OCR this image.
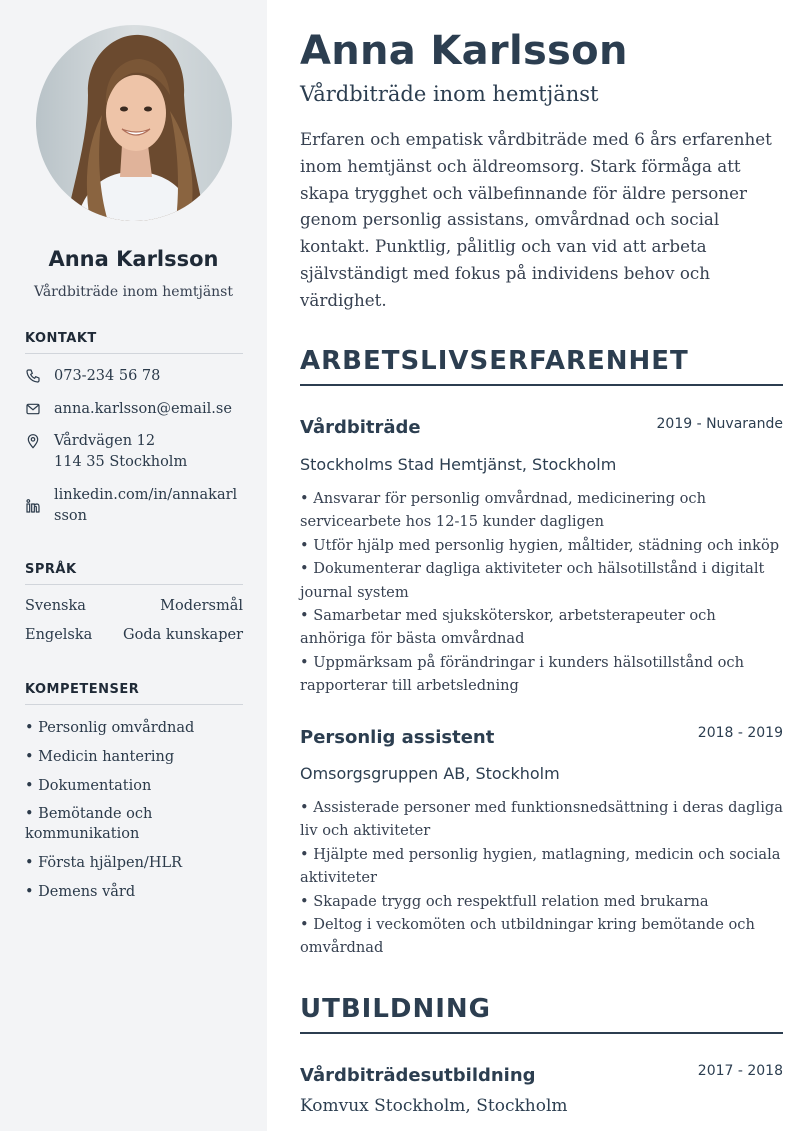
Anna Karlsson
Vårdbiträde inom hemtjänst
KONTAKT
073-234 56 78
anna.karlsson@email.se
Vårdvägen 12
114 35 Stockholm
linkedin.com/in/annakarlsson
SPRÅK
Svenska	Modersmål
Engelska Goda kunskaper
KOMPETENSER
• Personlig omvårdnad
• Medicin hantering
• Dokumentation
• Bemötande och kommunikation
• Första hjälpen/HLR
• Demens vård
Anna Karlsson
Vårdbiträde inom hemtjänst
Erfaren och empatisk vårdbiträde med 6 års erfarenhet inom hemtjänst och äldreomsorg. Stark förmåga att skapa trygghet och välbefinnande för äldre personer genom personlig assistans, omvårdnad och social kontakt. Punktlig, pålitlig och van vid att arbeta självständigt med fokus på individens behov och värdighet.
ARBETSLIVSERFARENHET
Vårdbiträde	2019 - Nuvarande
Stockholms Stad Hemtjänst, Stockholm
• Ansvarar för personlig omvårdnad, medicinering och servicearbete hos 12-15 kunder dagligen
• Utför hjälp med personlig hygien, måltider, städning och inköp
• Dokumenterar dagliga aktiviteter och hälsotillstånd i digitalt journal system
• Samarbetar med sjuksköterskor, arbetsterapeuter och anhöriga för bästa omvårdnad
• Uppmärksam på förändringar i kunders hälsotillstånd och rapporterar till arbetsledning
Personlig assistent	2018 - 2019
Omsorgsgruppen AB, Stockholm
• Assisterade personer med funktionsnedsättning i deras dagliga liv och aktiviteter
• Hjälpte med personlig hygien, matlagning, medicin och sociala aktiviteter
• Skapade trygg och respektfull relation med brukarna
• Deltog i veckomöten och utbildningar kring bemötande och omvårdnad
UTBILDNING
Vårdbiträdesutbildning	2017 - 2018
Komvux Stockholm, Stockholm
